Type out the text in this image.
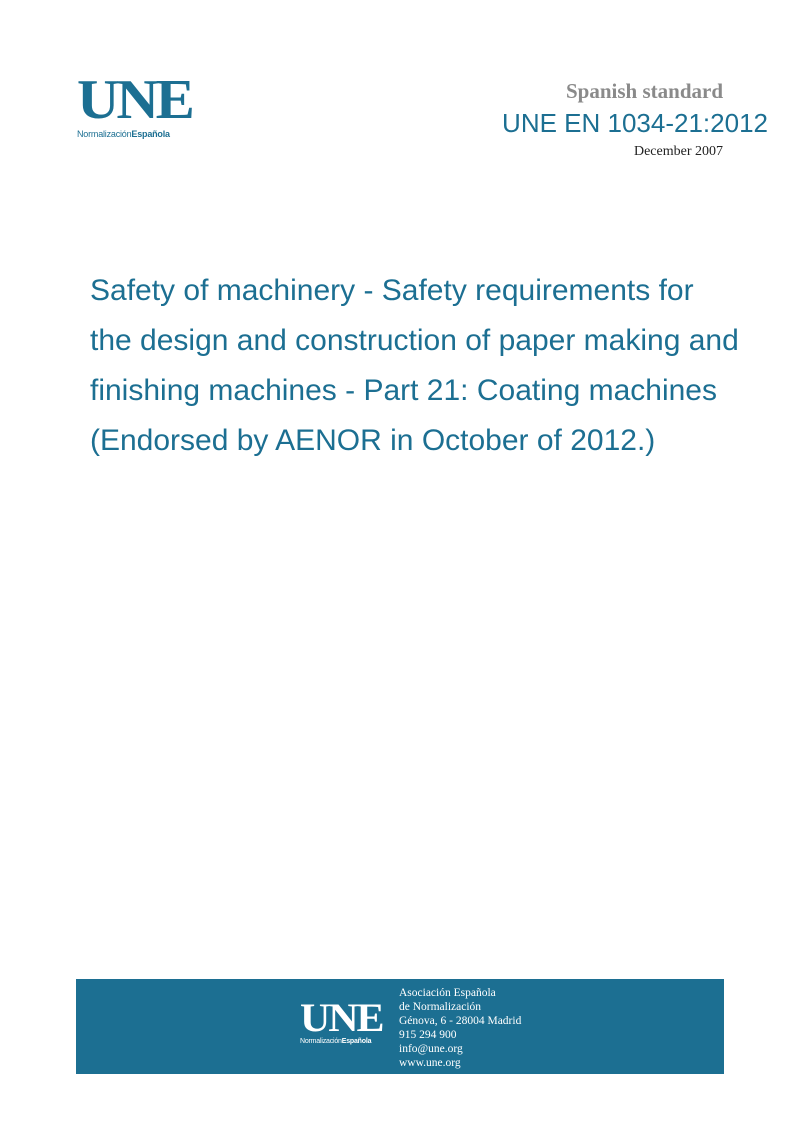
UNE
NormalizaciónEspañola
Spanish standard
UNE EN 1034-21:2012
December 2007
Safety of machinery - Safety requirements for
the design and construction of paper making and
finishing machines - Part 21: Coating machines
(Endorsed by AENOR in October of 2012.)
UNE
NormalizaciónEspañola
Asociación Española
de Normalización
Génova, 6 - 28004 Madrid
915 294 900
info@une.org
www.une.org
